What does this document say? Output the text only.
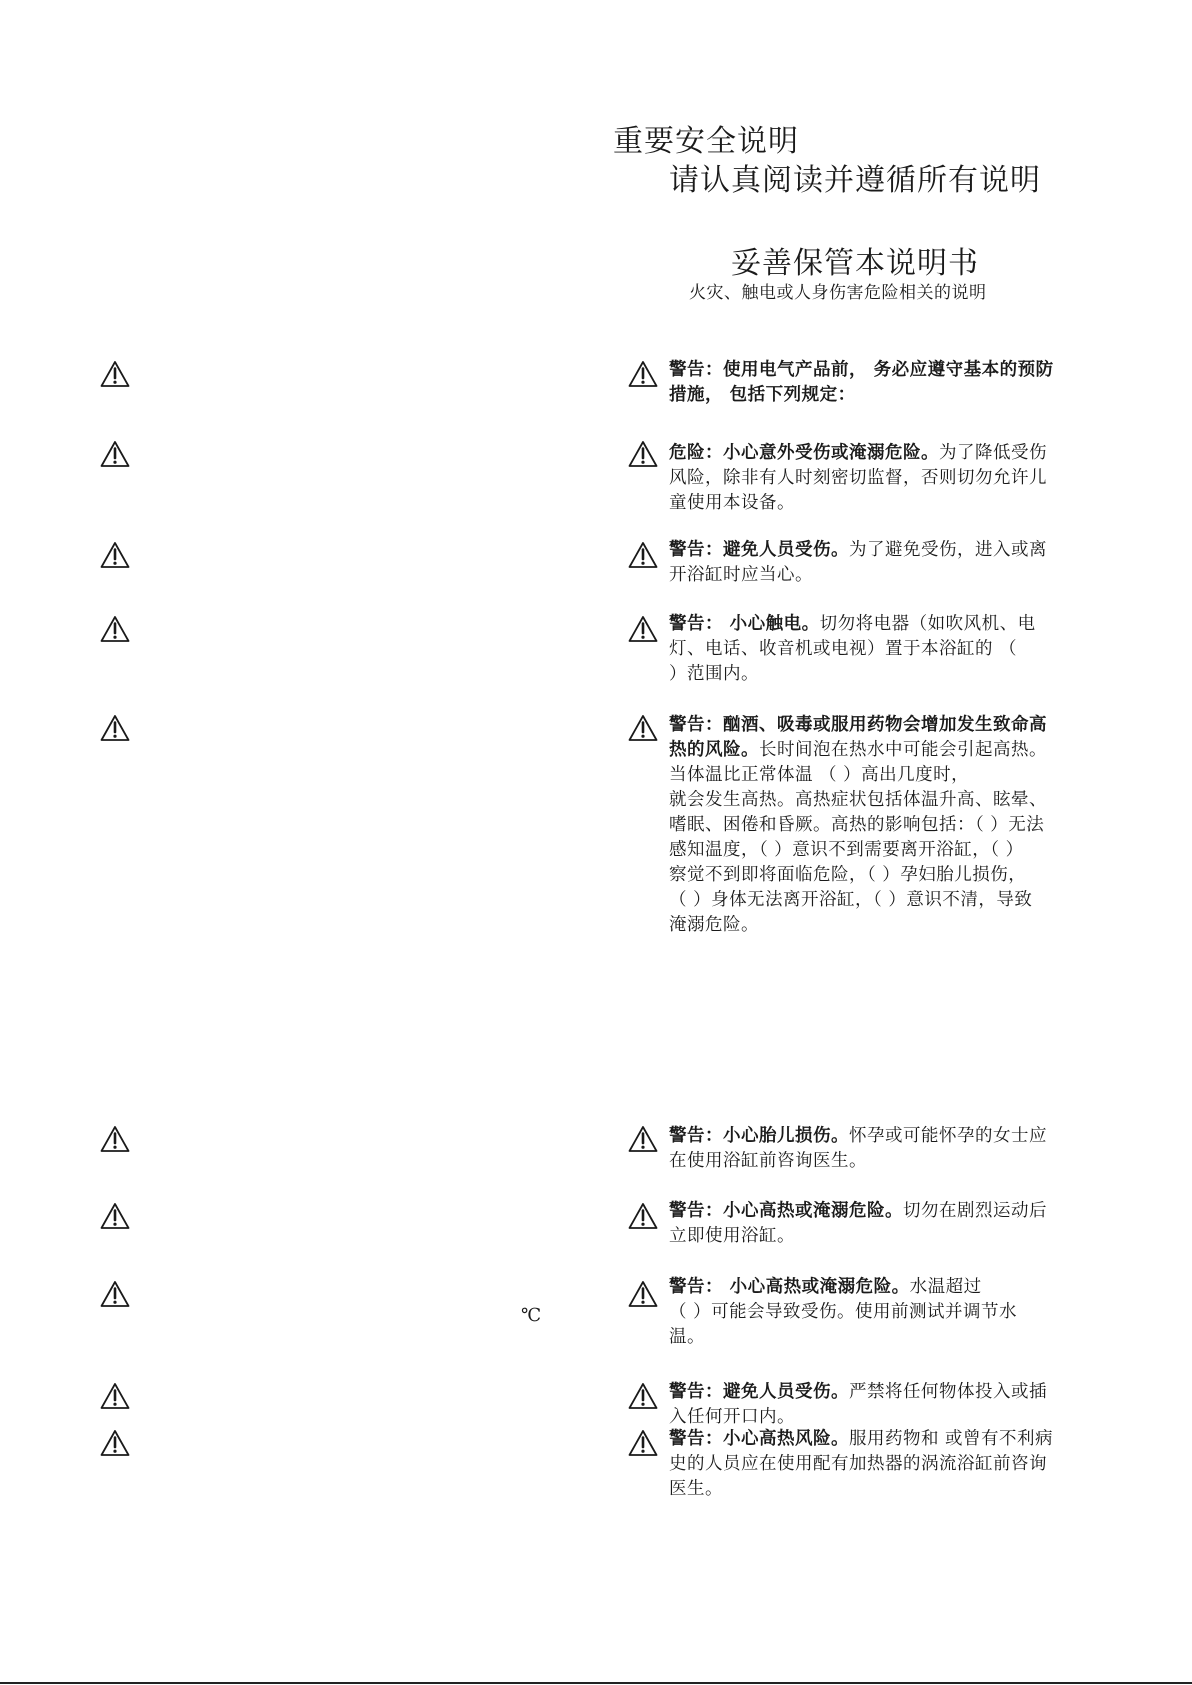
重要安全说明
请认真阅读并遵循所有说明
妥善保管本说明书
火灾、触电或人身伤害危险相关的说明
℃
警告：使用电气产品前， 务必应遵守基本的预防
措施， 包括下列规定：
危险：小心意外受伤或淹溺危险。为了降低受伤
风险，除非有人时刻密切监督，否则切勿允许儿
童使用本设备。
警告：避免人员受伤。为了避免受伤，进入或离
开浴缸时应当心。
警告： 小心触电。切勿将电器（如吹风机、电
灯、电话、收音机或电视）置于本浴缸的 （
）范围内。
警告：酗酒、吸毒或服用药物会增加发生致命高
热的风险。长时间泡在热水中可能会引起高热。
当体温比正常体温 （ ）高出几度时，
就会发生高热。高热症状包括体温升高、眩晕、
嗜眠、困倦和昏厥。高热的影响包括：（ ）无法
感知温度，（ ）意识不到需要离开浴缸，（ ）
察觉不到即将面临危险，（ ）孕妇胎儿损伤，
（ ）身体无法离开浴缸，（ ）意识不清，导致
淹溺危险。
警告：小心胎儿损伤。怀孕或可能怀孕的女士应
在使用浴缸前咨询医生。
警告：小心高热或淹溺危险。切勿在剧烈运动后
立即使用浴缸。
警告： 小心高热或淹溺危险。水温超过
（ ）可能会导致受伤。使用前测试并调节水
温。
警告：避免人员受伤。严禁将任何物体投入或插
入任何开口内。
警告：小心高热风险。服用药物和 或曾有不利病
史的人员应在使用配有加热器的涡流浴缸前咨询
医生。
